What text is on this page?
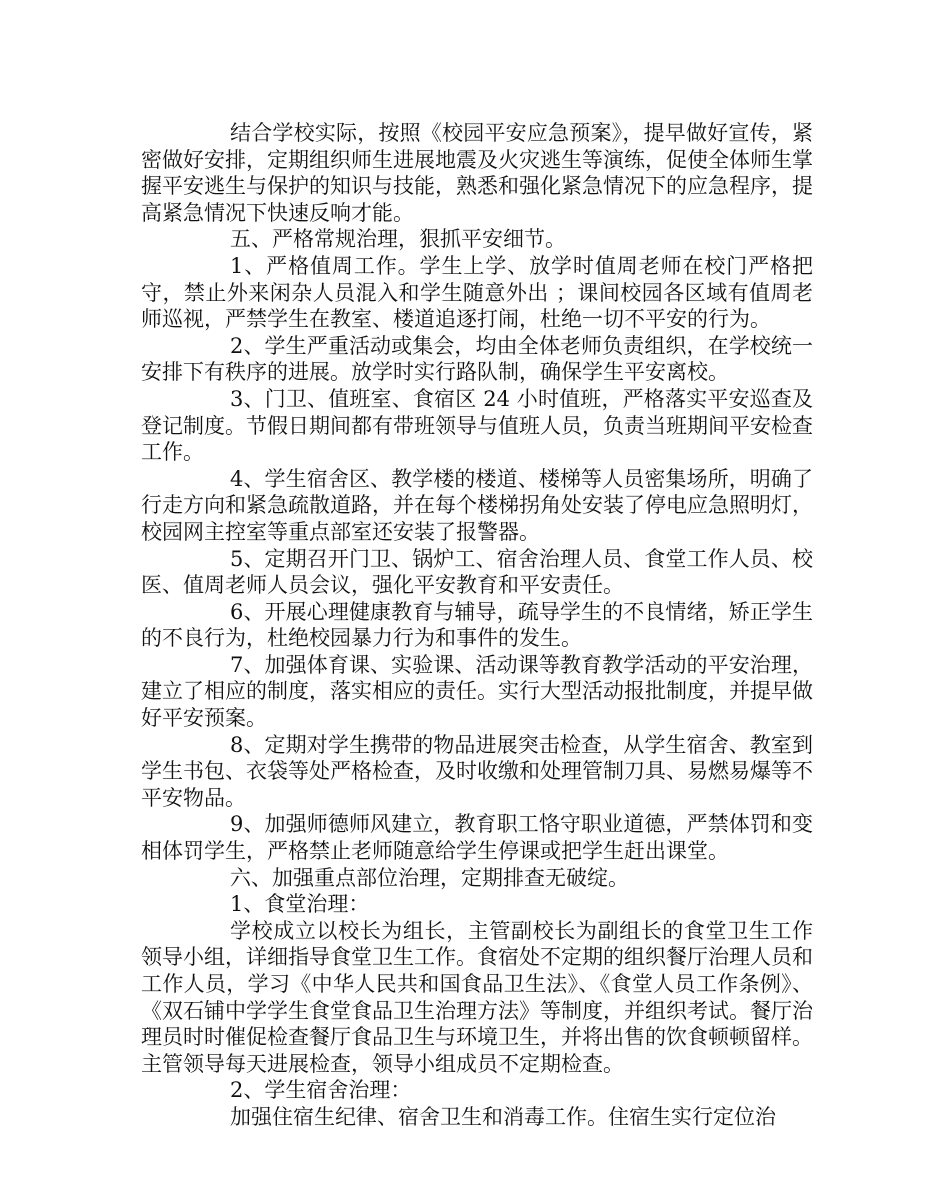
结合学校实际，按照《校园平安应急预案》，提早做好宣传，紧密做好安排，定期组织师生进展地震及火灾逃生等演练，促使全体师生掌握平安逃生与保护的知识与技能，熟悉和强化紧急情况下的应急程序，提高紧急情况下快速反响才能。

五、严格常规治理，狠抓平安细节。

1、严格值周工作。学生上学、放学时值周老师在校门严格把守，禁止外来闲杂人员混入和学生随意外出 ；课间校园各区域有值周老师巡视，严禁学生在教室、楼道追逐打闹，杜绝一切不平安的行为。

2、学生严重活动或集会，均由全体老师负责组织，在学校统一安排下有秩序的进展。放学时实行路队制，确保学生平安离校。

3、门卫、值班室、食宿区 24 小时值班，严格落实平安巡查及登记制度。节假日期间都有带班领导与值班人员，负责当班期间平安检查工作。

4、学生宿舍区、教学楼的楼道、楼梯等人员密集场所，明确了行走方向和紧急疏散道路，并在每个楼梯拐角处安装了停电应急照明灯，校园网主控室等重点部室还安装了报警器。

5、定期召开门卫、锅炉工、宿舍治理人员、食堂工作人员、校医、值周老师人员会议，强化平安教育和平安责任。

6、开展心理健康教育与辅导，疏导学生的不良情绪，矫正学生的不良行为，杜绝校园暴力行为和事件的发生。

7、加强体育课、实验课、活动课等教育教学活动的平安治理，建立了相应的制度，落实相应的责任。实行大型活动报批制度，并提早做好平安预案。

8、定期对学生携带的物品进展突击检查，从学生宿舍、教室到学生书包、衣袋等处严格检查，及时收缴和处理管制刀具、易燃易爆等不平安物品。

9、加强师德师风建立，教育职工恪守职业道德，严禁体罚和变相体罚学生，严格禁止老师随意给学生停课或把学生赶出课堂。

六、加强重点部位治理，定期排查无破绽。

1、食堂治理：

学校成立以校长为组长，主管副校长为副组长的食堂卫生工作领导小组，详细指导食堂卫生工作。食宿处不定期的组织餐厅治理人员和工作人员，学习《中华人民共和国食品卫生法》、《食堂人员工作条例》、《双石铺中学学生食堂食品卫生治理方法》等制度，并组织考试。餐厅治理员时时催促检查餐厅食品卫生与环境卫生，并将出售的饮食顿顿留样。主管领导每天进展检查，领导小组成员不定期检查。

2、学生宿舍治理：

加强住宿生纪律、宿舍卫生和消毒工作。住宿生实行定位治
